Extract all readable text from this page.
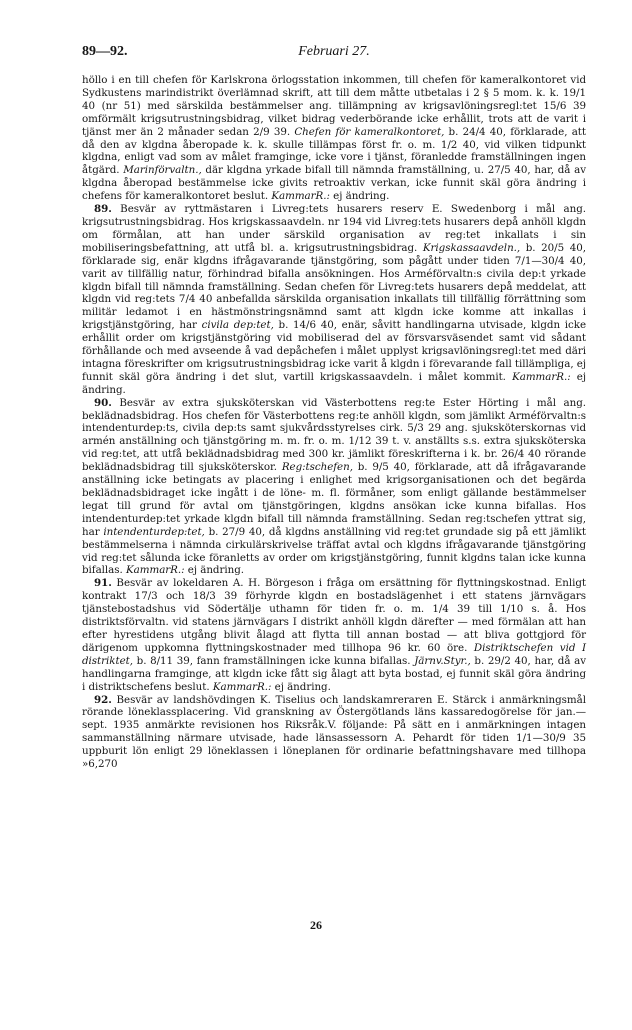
89—92.	Februari 27.

höllo i en till chefen för Karlskrona örlogsstation inkommen, till chefen för kameralkontoret vid Sydkustens marindistrikt överlämnad skrift, att till dem måtte utbetalas i 2 § 5 mom. k. k. 19/1 40 (nr 51) med särskilda bestämmelser ang. tillämpning av krigsavlöningsregl:tet 15/6 39 omförmält krigsutrustningsbidrag, vilket bidrag vederbörande icke erhållit, trots att de varit i tjänst mer än 2 månader sedan 2/9 39. Chefen för kameralkontoret, b. 24/4 40, förklarade, att då den av klgdna åberopade k. k. skulle tillämpas först fr. o. m. 1/2 40, vid vilken tidpunkt klgdna, enligt vad som av målet framginge, icke vore i tjänst, föranledde framställningen ingen åtgärd. Marinförvaltn., där klgdna yrkade bifall till nämnda framställning, u. 27/5 40, har, då av klgdna åberopad bestämmelse icke givits retroaktiv verkan, icke funnit skäl göra ändring i chefens för kameralkontoret beslut. KammarR.: ej ändring.

89. Besvär av ryttmästaren i Livreg:tets husarers reserv E. Swedenborg i mål ang. krigsutrustningsbidrag. Hos krigskassaavdeln. nr 194 vid Livreg:tets husarers depå anhöll klgdn om förmålan, att han under särskild organisation av reg:tet inkallats i sin mobiliseringsbefattning, att utfå bl. a. krigsutrustningsbidrag. Krigskassaavdeln., b. 20/5 40, förklarade sig, enär klgdns ifrågavarande tjänstgöring, som pågått under tiden 7/1—30/4 40, varit av tillfällig natur, förhindrad bifalla ansökningen. Hos Arméförvaltn:s civila dep:t yrkade klgdn bifall till nämnda framställning. Sedan chefen för Livreg:tets husarers depå meddelat, att klgdn vid reg:tets 7/4 40 anbefallda särskilda organisation inkallats till tillfällig förrättning som militär ledamot i en hästmönstringsnämnd samt att klgdn icke komme att inkallas i krigstjänstgöring, har civila dep:tet, b. 14/6 40, enär, såvitt handlingarna utvisade, klgdn icke erhållit order om krigstjänstgöring vid mobiliserad del av försvarsväsendet samt vid sådant förhållande och med avseende å vad depåchefen i målet upplyst krigsavlöningsregl:tet med däri intagna föreskrifter om krigsutrustningsbidrag icke varit å klgdn i förevarande fall tillämpliga, ej funnit skäl göra ändring i det slut, vartill krigskassaavdeln. i målet kommit. KammarR.: ej ändring.

90. Besvär av extra sjuksköterskan vid Västerbottens reg:te Ester Hörting i mål ang. beklädnadsbidrag. Hos chefen för Västerbottens reg:te anhöll klgdn, som jämlikt Arméförvaltn:s intendenturdep:ts, civila dep:ts samt sjukvårdsstyrelses cirk. 5/3 29 ang. sjuksköterskornas vid armén anställning och tjänstgöring m. m. fr. o. m. 1/12 39 t. v. anställts s.s. extra sjuksköterska vid reg:tet, att utfå beklädnadsbidrag med 300 kr. jämlikt föreskrifterna i k. br. 26/4 40 rörande beklädnadsbidrag till sjuksköterskor. Reg:tschefen, b. 9/5 40, förklarade, att då ifrågavarande anställning icke betingats av placering i enlighet med krigsorganisationen och det begärda beklädnadsbidraget icke ingått i de löne- m. fl. förmåner, som enligt gällande bestämmelser legat till grund för avtal om tjänstgöringen, klgdns ansökan icke kunna bifallas. Hos intendenturdep:tet yrkade klgdn bifall till nämnda framställning. Sedan reg:tschefen yttrat sig, har intendenturdep:tet, b. 27/9 40, då klgdns anställning vid reg:tet grundade sig på ett jämlikt bestämmelserna i nämnda cirkulärskrivelse träffat avtal och klgdns ifrågavarande tjänstgöring vid reg:tet sålunda icke föranletts av order om krigstjänstgöring, funnit klgdns talan icke kunna bifallas. KammarR.: ej ändring.

91. Besvär av lokeldaren A. H. Börgeson i fråga om ersättning för flyttningskostnad. Enligt kontrakt 17/3 och 18/3 39 förhyrde klgdn en bostadslägenhet i ett statens järnvägars tjänstebostadshus vid Södertälje uthamn för tiden fr. o. m. 1/4 39 till 1/10 s. å. Hos distriktsförvaltn. vid statens järnvägars I distrikt anhöll klgdn därefter — med förmälan att han efter hyrestidens utgång blivit ålagd att flytta till annan bostad — att bliva gottgjord för därigenom uppkomna flyttningskostnader med tillhopa 96 kr. 60 öre. Distriktschefen vid I distriktet, b. 8/11 39, fann framställningen icke kunna bifallas. Järnv.Styr., b. 29/2 40, har, då av handlingarna framginge, att klgdn icke fått sig ålagt att byta bostad, ej funnit skäl göra ändring i distriktschefens beslut. KammarR.: ej ändring.

92. Besvär av landshövdingen K. Tiselius och landskamreraren E. Stärck i anmärkningsmål rörande löneklassplacering. Vid granskning av Östergötlands läns kassaredogörelse för jan.—sept. 1935 anmärkte revisionen hos Riksråk.V. följande: På sätt en i anmärkningen intagen sammanställning närmare utvisade, hade länsassessorn A. Pehardt för tiden 1/1—30/9 35 uppburit lön enligt 29 löneklassen i löneplanen för ordinarie befattningshavare med tillhopa »6,270

26
